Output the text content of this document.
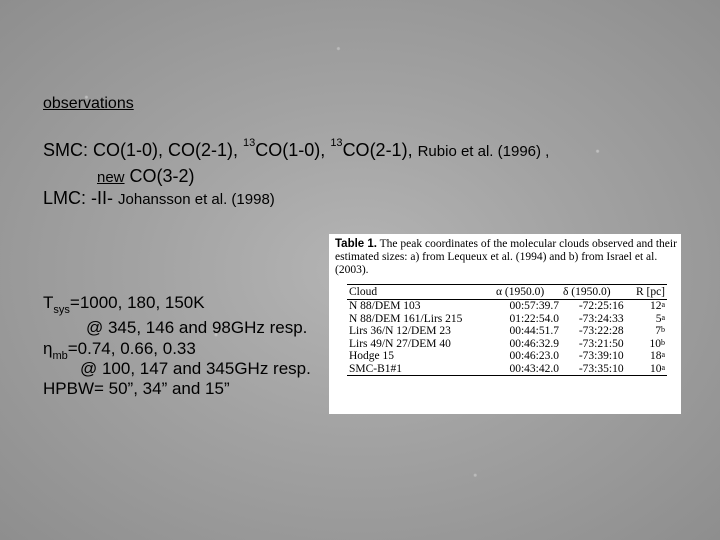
observations
SMC: CO(1-0), CO(2-1), $^{13}$CO(1-0), $^{13}$CO(2-1), Rubio et al. (1996) ,
new CO(3-2)
LMC: -II- Johansson et al. (1998)
$T_{sys}=1000$, 180, 150K
@ 345, 146 and 98GHz resp.
$\eta_{mb}=0.74$, 0.66, 0.33
@ 100, 147 and 345GHz resp.
HPBW= 50”, 34” and 15”
Table 1. The peak coordinates of the molecular clouds observed and their estimated sizes: a) from Lequeux et al. (1994) and b) from Israel et al. (2003).
Cloud	α (1950.0)	δ (1950.0)	R [pc]
N 88/DEM 103	00:57:39.7	-72:25:16	12$^a$
N 88/DEM 161/Lirs 215	01:22:54.0	-73:24:33	5$^a$
Lirs 36/N 12/DEM 23	00:44:51.7	-73:22:28	7$^b$
Lirs 49/N 27/DEM 40	00:46:32.9	-73:21:50	10$^b$
Hodge 15	00:46:23.0	-73:39:10	18$^a$
SMC-B1#1	00:43:42.0	-73:35:10	10$^a$
